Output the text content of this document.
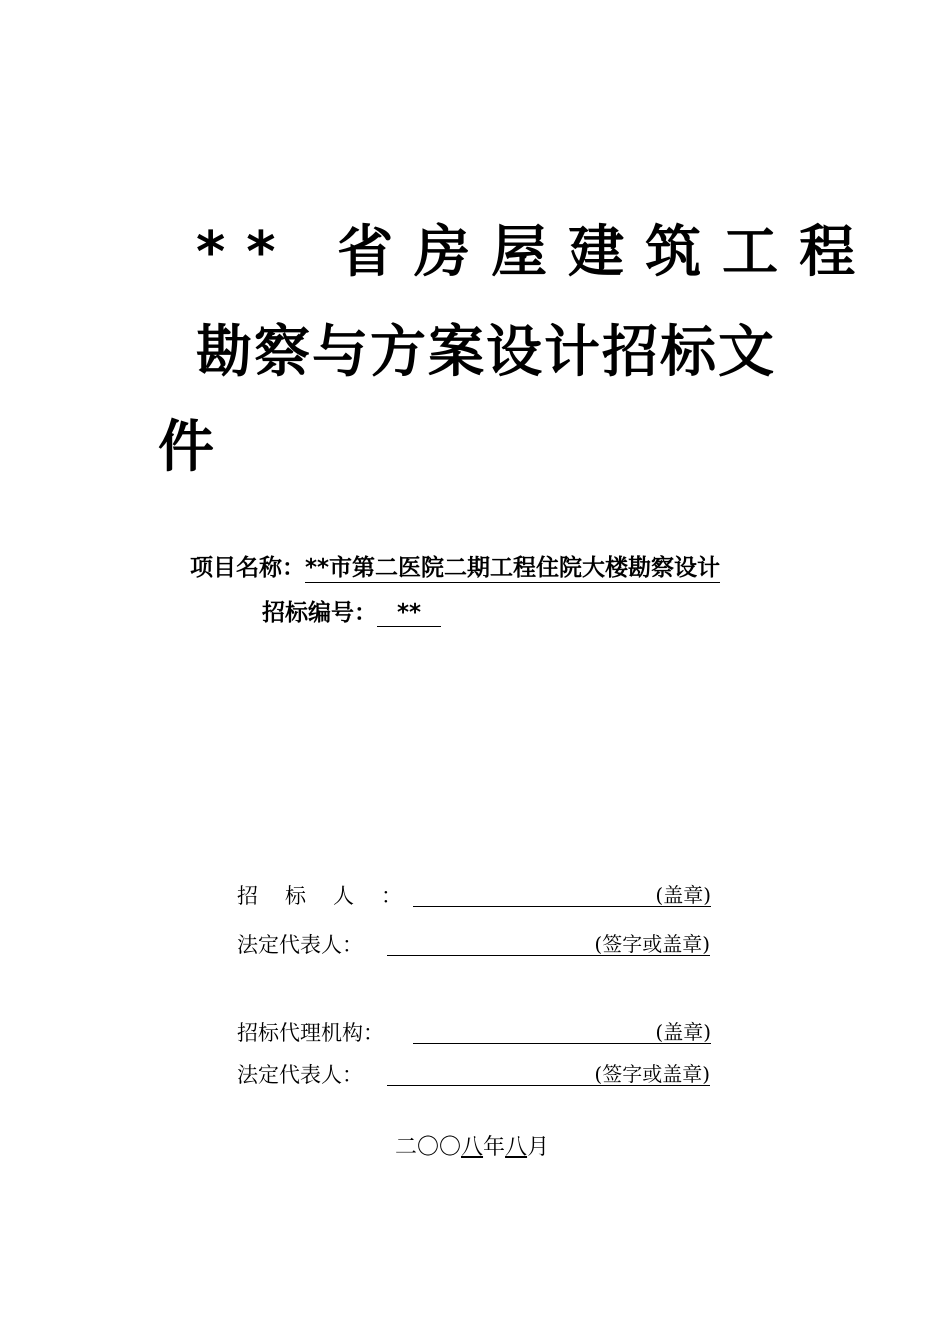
** 省房屋建筑工程
勘察与方案设计招标文
件
项目名称：**市第二医院二期工程住院大楼勘察设计
招标编号： **
招标人：	(盖章)
法定代表人：	(签字或盖章)
招标代理机构：	(盖章)
法定代表人：	(签字或盖章)
二〇〇八年八月
